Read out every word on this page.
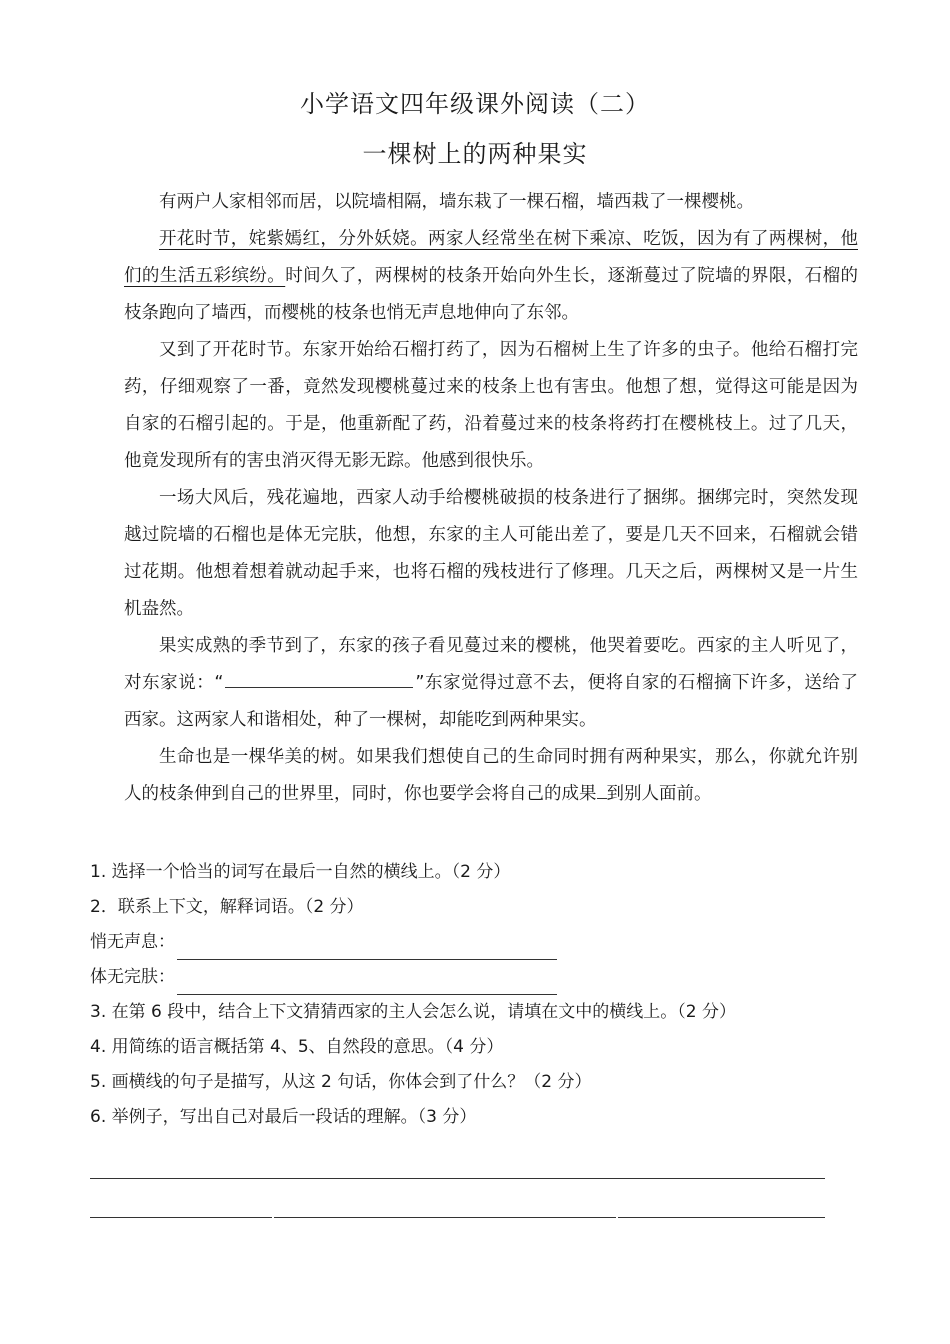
小学语文四年级课外阅读（二）
一棵树上的两种果实

有两户人家相邻而居，以院墙相隔，墙东栽了一棵石榴，墙西栽了一棵樱桃。

开花时节，姹紫嫣红，分外妖娆。两家人经常坐在树下乘凉、吃饭，因为有了两棵树，他们的生活五彩缤纷。时间久了，两棵树的枝条开始向外生长，逐渐蔓过了院墙的界限，石榴的枝条跑向了墙西，而樱桃的枝条也悄无声息地伸向了东邻。

又到了开花时节。东家开始给石榴打药了，因为石榴树上生了许多的虫子。他给石榴打完药，仔细观察了一番，竟然发现樱桃蔓过来的枝条上也有害虫。他想了想，觉得这可能是因为自家的石榴引起的。于是，他重新配了药，沿着蔓过来的枝条将药打在樱桃枝上。过了几天，他竟发现所有的害虫消灭得无影无踪。他感到很快乐。

一场大风后，残花遍地，西家人动手给樱桃破损的枝条进行了捆绑。捆绑完时，突然发现越过院墙的石榴也是体无完肤，他想，东家的主人可能出差了，要是几天不回来，石榴就会错过花期。他想着想着就动起手来，也将石榴的残枝进行了修理。几天之后，两棵树又是一片生机盎然。

果实成熟的季节到了，东家的孩子看见蔓过来的樱桃，他哭着要吃。西家的主人听见了，对东家说：“	”东家觉得过意不去，便将自家的石榴摘下许多，送给了西家。这两家人和谐相处，种了一棵树，却能吃到两种果实。

生命也是一棵华美的树。如果我们想使自己的生命同时拥有两种果实，那么，你就允许别人的枝条伸到自己的世界里，同时，你也要学会将自己的成果 到别人面前。

1. 选择一个恰当的词写在最后一自然的横线上。（2 分）
2．联系上下文，解释词语。（2 分）
悄无声息：
体无完肤：
3. 在第 6 段中，结合上下文猜猜西家的主人会怎么说，请填在文中的横线上。（2 分）
4. 用简练的语言概括第 4、5、自然段的意思。（4 分）
5. 画横线的句子是描写，从这 2 句话，你体会到了什么？（2 分）
6. 举例子，写出自己对最后一段话的理解。（3 分）
